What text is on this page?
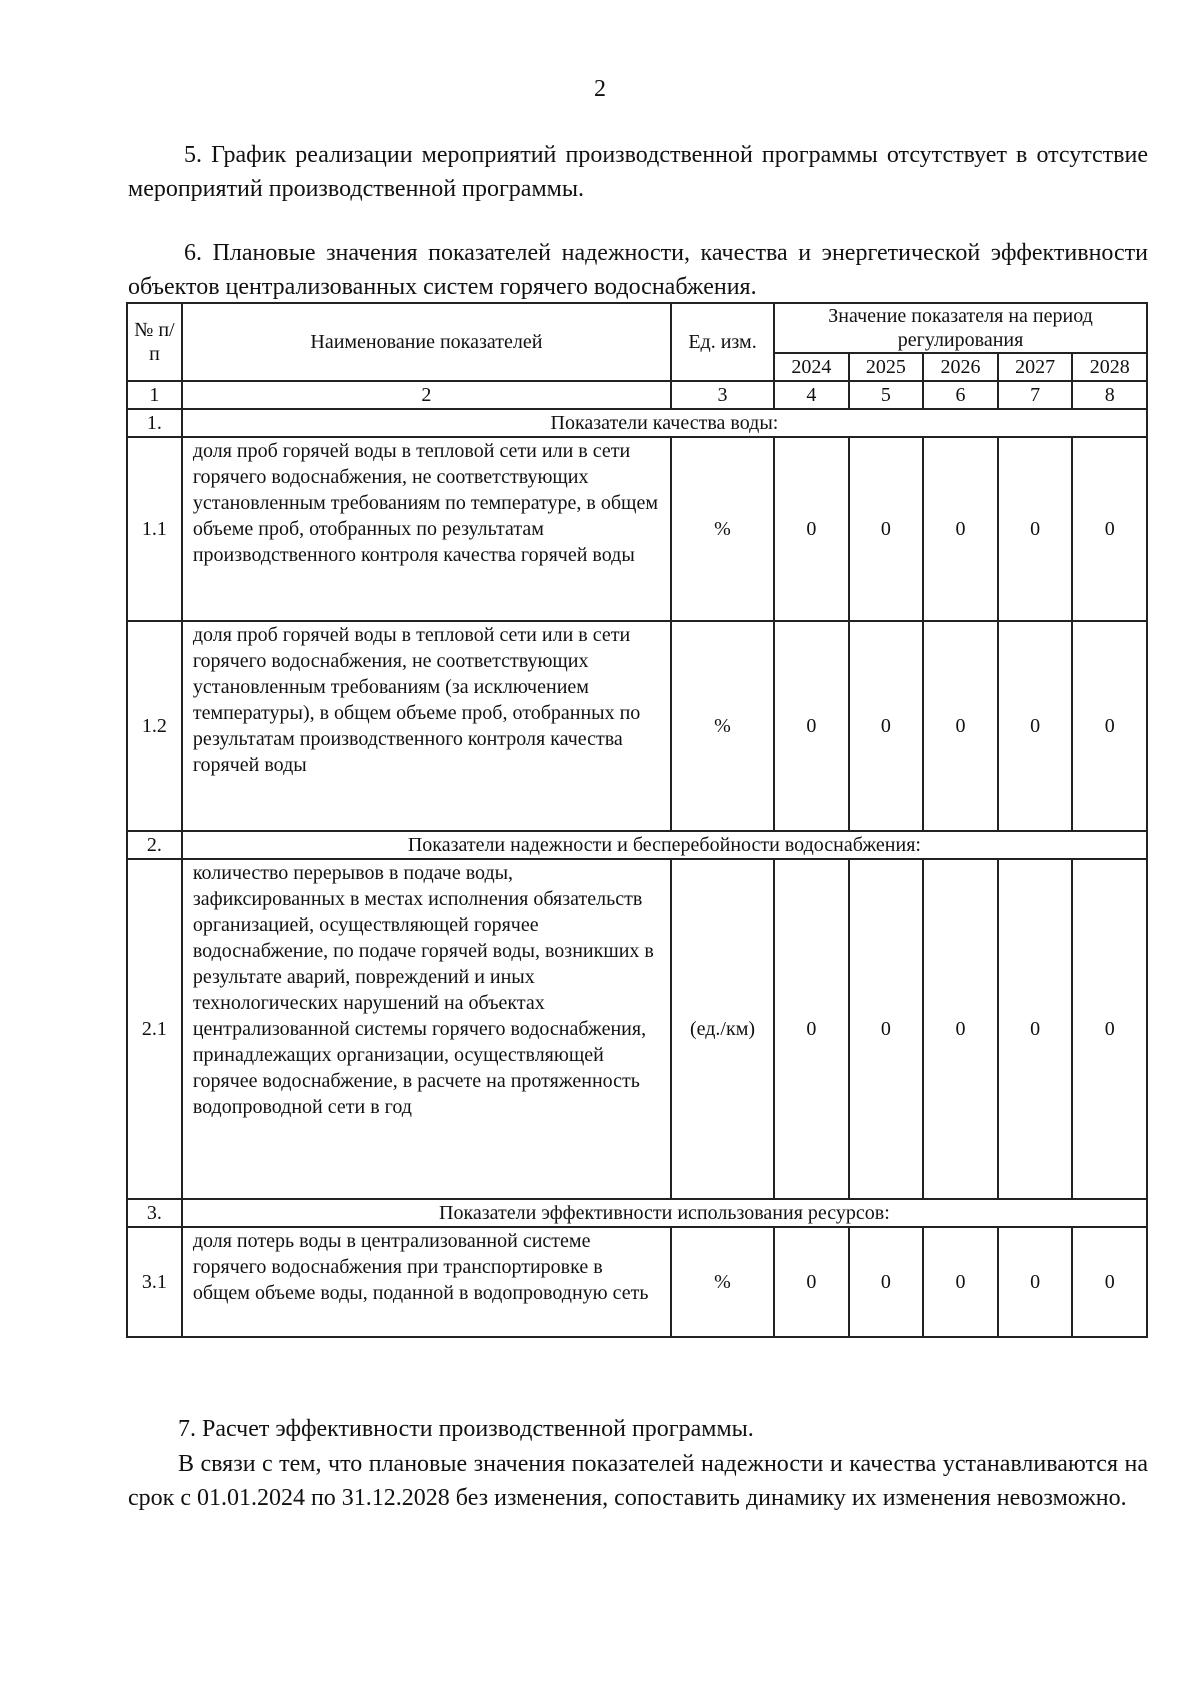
2

5. График реализации мероприятий производственной программы отсутствует в отсутствие мероприятий производственной программы.

6. Плановые значения показателей надежности, качества и энергетической эффективности объектов централизованных систем горячего водоснабжения.

№ п/п	Наименование показателей	Ед. изм.	Значение показателя на период регулирования				
			2024	2025	2026	2027	2028
1	2	3	4	5	6	7	8
1.	Показатели качества воды:						
1.1	доля проб горячей воды в тепловой сети или в сети горячего водоснабжения, не соответствующих установленным требованиям по температуре, в общем объеме проб, отобранных по результатам производственного контроля качества горячей воды	%	0	0	0	0	0
1.2	доля проб горячей воды в тепловой сети или в сети горячего водоснабжения, не соответствующих установленным требованиям (за исключением температуры), в общем объеме проб, отобранных по результатам производственного контроля качества горячей воды	%	0	0	0	0	0
2.	Показатели надежности и бесперебойности водоснабжения:						
2.1	количество перерывов в подаче воды, зафиксированных в местах исполнения обязательств организацией, осуществляющей горячее водоснабжение, по подаче горячей воды, возникших в результате аварий, повреждений и иных технологических нарушений на объектах централизованной системы горячего водоснабжения, принадлежащих организации, осуществляющей горячее водоснабжение, в расчете на протяженность водопроводной сети в год	(ед./км)	0	0	0	0	0
3.	Показатели эффективности использования ресурсов:						
3.1	доля потерь воды в централизованной системе горячего водоснабжения при транспортировке в общем объеме воды, поданной в водопроводную сеть	%	0	0	0	0	0

7. Расчет эффективности производственной программы.

В связи с тем, что плановые значения показателей надежности и качества устанавливаются на срок с 01.01.2024 по 31.12.2028 без изменения, сопоставить динамику их изменения невозможно.
